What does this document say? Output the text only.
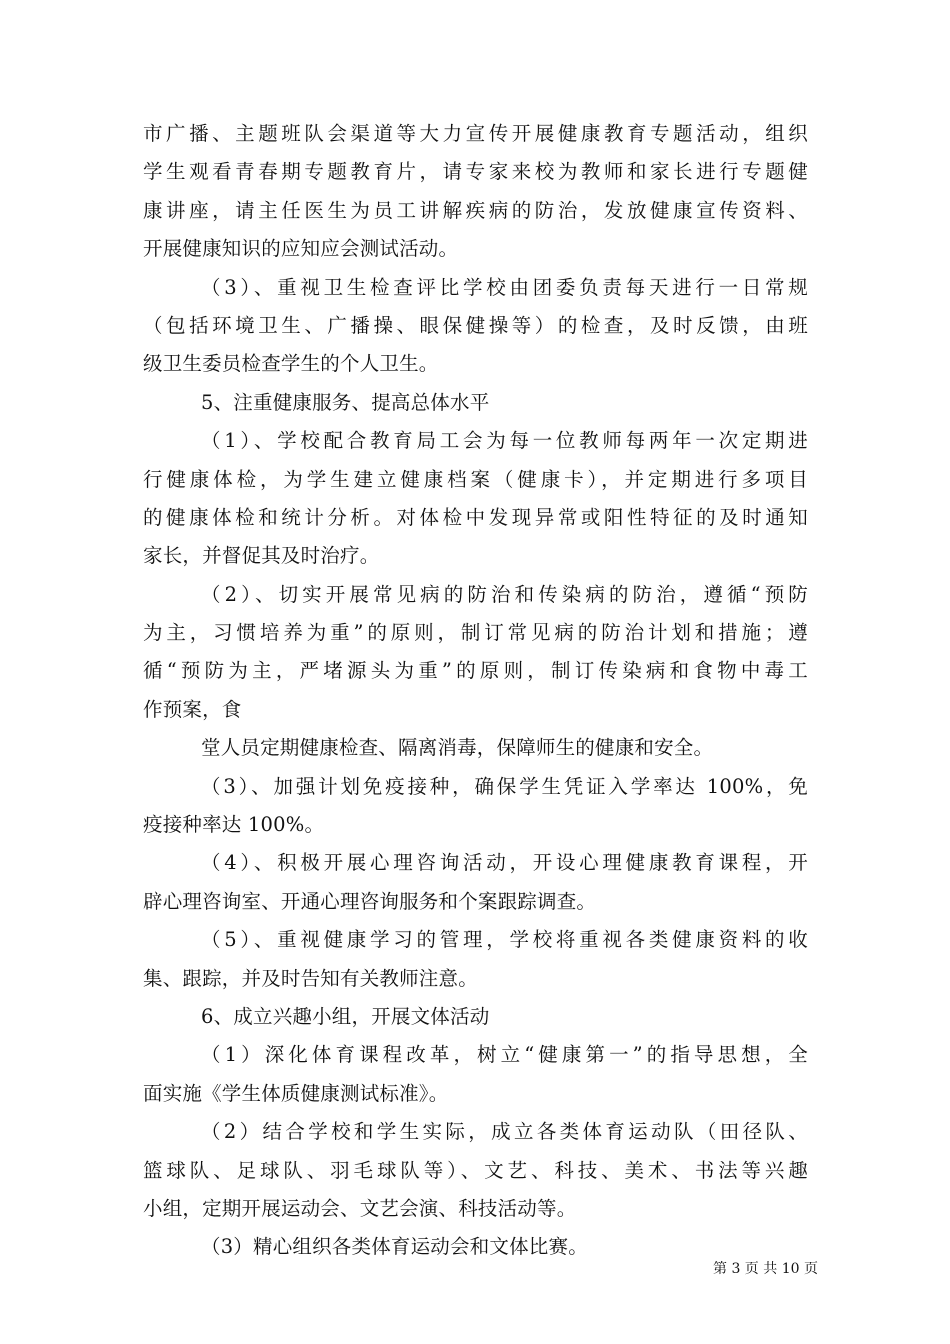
市广播、主题班队会渠道等大力宣传开展健康教育专题活动，组织
学生观看青春期专题教育片，请专家来校为教师和家长进行专题健
康讲座，请主任医生为员工讲解疾病的防治，发放健康宣传资料、
开展健康知识的应知应会测试活动。
（3）、重视卫生检查评比学校由团委负责每天进行一日常规
（包括环境卫生、广播操、眼保健操等）的检查，及时反馈，由班
级卫生委员检查学生的个人卫生。
5、注重健康服务、提高总体水平
（1）、学校配合教育局工会为每一位教师每两年一次定期进
行健康体检，为学生建立健康档案（健康卡），并定期进行多项目
的健康体检和统计分析。对体检中发现异常或阳性特征的及时通知
家长，并督促其及时治疗。
（2）、切实开展常见病的防治和传染病的防治，遵循“预防
为主，习惯培养为重”的原则，制订常见病的防治计划和措施；遵
循“预防为主，严堵源头为重”的原则，制订传染病和食物中毒工
作预案，食
堂人员定期健康检查、隔离消毒，保障师生的健康和安全。
（3）、加强计划免疫接种，确保学生凭证入学率达 100%，免
疫接种率达 100%。
（4）、积极开展心理咨询活动，开设心理健康教育课程，开
辟心理咨询室、开通心理咨询服务和个案跟踪调查。
（5）、重视健康学习的管理，学校将重视各类健康资料的收
集、跟踪，并及时告知有关教师注意。
6、成立兴趣小组，开展文体活动
（1）深化体育课程改革，树立“健康第一”的指导思想，全
面实施《学生体质健康测试标准》。
（2）结合学校和学生实际，成立各类体育运动队（田径队、
篮球队、足球队、羽毛球队等）、文艺、科技、美术、书法等兴趣
小组，定期开展运动会、文艺会演、科技活动等。
（3）精心组织各类体育运动会和文体比赛。
第 3 页 共 10 页
